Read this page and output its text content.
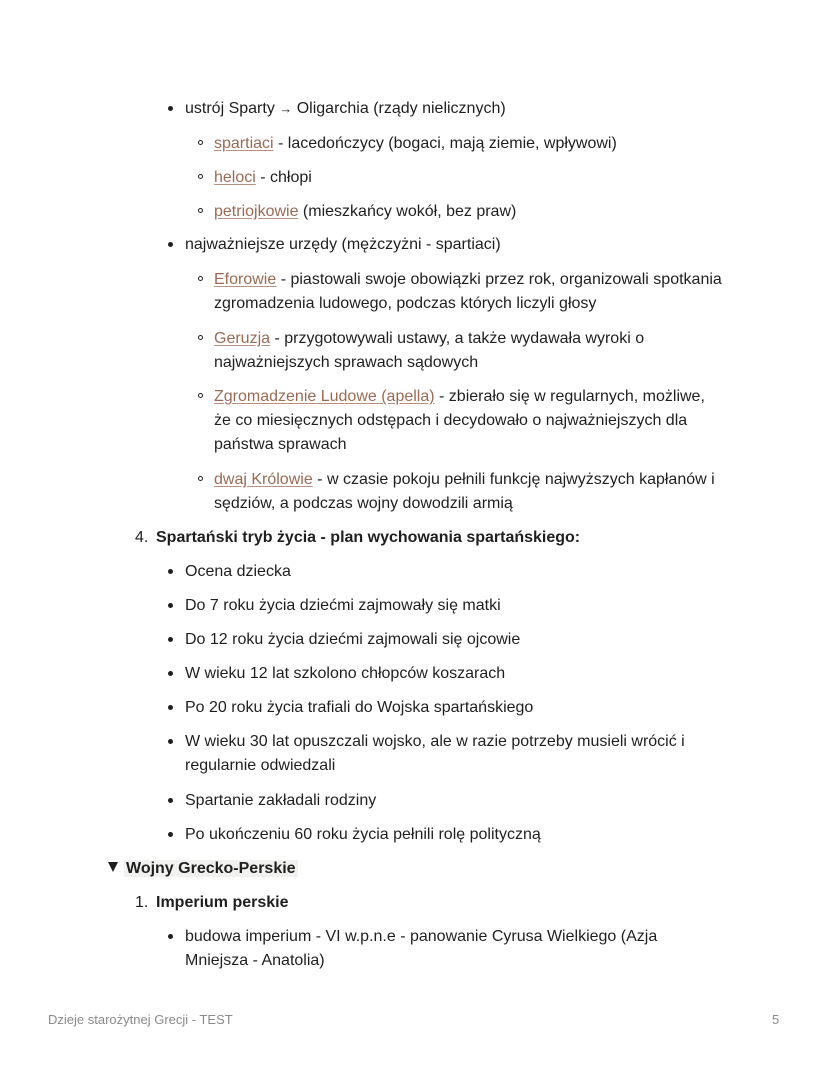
ustrój Sparty → Oligarchia (rządy nielicznych)
spartiaci - lacedończycy (bogaci, mają ziemie, wpływowi)
heloci - chłopi
petriojkowie (mieszkańcy wokół, bez praw)
najważniejsze urzędy (mężczyżni - spartiaci)
Eforowie - piastowali swoje obowiązki przez rok, organizowali spotkania
zgromadzenia ludowego, podczas których liczyli głosy
Geruzja - przygotowywali ustawy, a także wydawała wyroki o
najważniejszych sprawach sądowych
Zgromadzenie Ludowe (apella) - zbierało się w regularnych, możliwe,
że co miesięcznych odstępach i decydowało o najważniejszych dla
państwa sprawach
dwaj Królowie - w czasie pokoju pełnili funkcję najwyższych kapłanów i
sędziów, a podczas wojny dowodzili armią
4. Spartański tryb życia - plan wychowania spartańskiego:
Ocena dziecka
Do 7 roku życia dziećmi zajmowały się matki
Do 12 roku życia dziećmi zajmowali się ojcowie
W wieku 12 lat szkolono chłopców koszarach
Po 20 roku życia trafiali do Wojska spartańskiego
W wieku 30 lat opuszczali wojsko, ale w razie potrzeby musieli wrócić i
regularnie odwiedzali
Spartanie zakładali rodziny
Po ukończeniu 60 roku życia pełnili rolę polityczną
Wojny Grecko-Perskie
1. Imperium perskie
budowa imperium - VI w.p.n.e - panowanie Cyrusa Wielkiego (Azja
Mniejsza - Anatolia)
Dzieje starożytnej Grecji - TEST	5
